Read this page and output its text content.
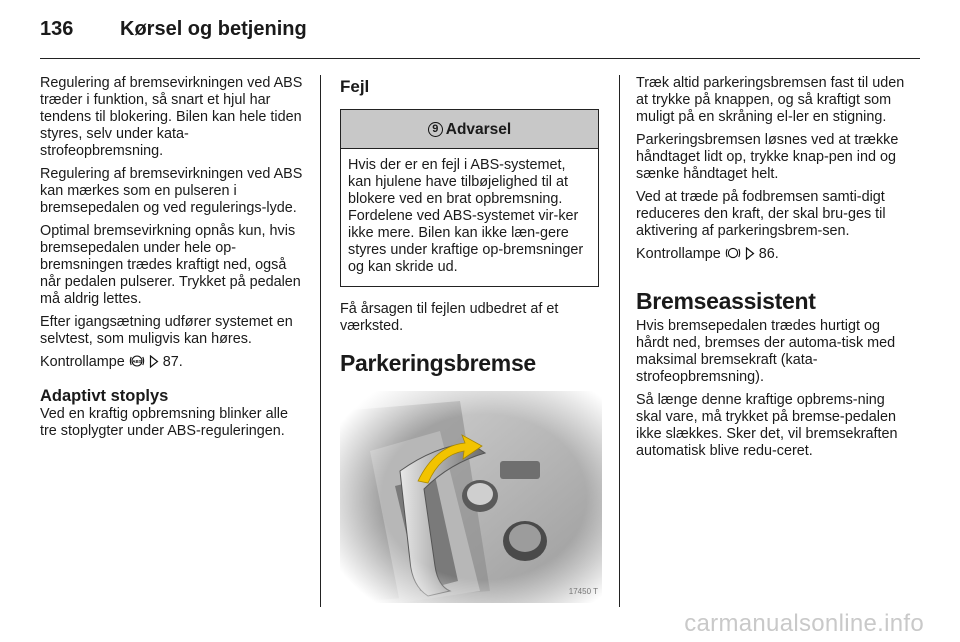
136 Kørsel og betjening

Regulering af bremsevirkningen ved ABS træder i funktion, så snart et hjul har tendens til blokering. Bilen kan hele tiden styres, selv under kata-strofeopbremsning.

Regulering af bremsevirkningen ved ABS kan mærkes som en pulseren i bremsepedalen og ved regulerings-lyde.

Optimal bremsevirkning opnås kun, hvis bremsepedalen under hele op-bremsningen trædes kraftigt ned, også når pedalen pulserer. Trykket på pedalen må aldrig lettes.

Efter igangsætning udfører systemet en selvtest, som muligvis kan høres.

Kontrollampe ABS 87.

Adaptivt stoplys

Ved en kraftig opbremsning blinker alle tre stoplygter under ABS-reguleringen.

Fejl
9 Advarsel
Hvis der er en fejl i ABS-systemet, kan hjulene have tilbøjelighed til at blokere ved en brat opbremsning. Fordelene ved ABS-systemet vir-ker ikke mere. Bilen kan ikke læn-gere styres under kraftige op-bremsninger og kan skride ud.

Få årsagen til fejlen udbedret af et værksted.

Parkeringsbremse
17450 T

Træk altid parkeringsbremsen fast til uden at trykke på knappen, og så kraftigt som muligt på en skråning el-ler en stigning.

Parkeringsbremsen løsnes ved at trække håndtaget lidt op, trykke knap-pen ind og sænke håndtaget helt.

Ved at træde på fodbremsen samti-digt reduceres den kraft, der skal bru-ges til aktivering af parkeringsbrem-sen.

Kontrollampe	86.

Bremseassistent

Hvis bremsepedalen trædes hurtigt og hårdt ned, bremses der automa-tisk med maksimal bremsekraft (kata-strofeopbremsning).

Så længe denne kraftige opbrems-ning skal vare, må trykket på bremse-pedalen ikke slækkes. Sker det, vil bremsekraften automatisk blive redu-ceret.

carmanualsonline.info
